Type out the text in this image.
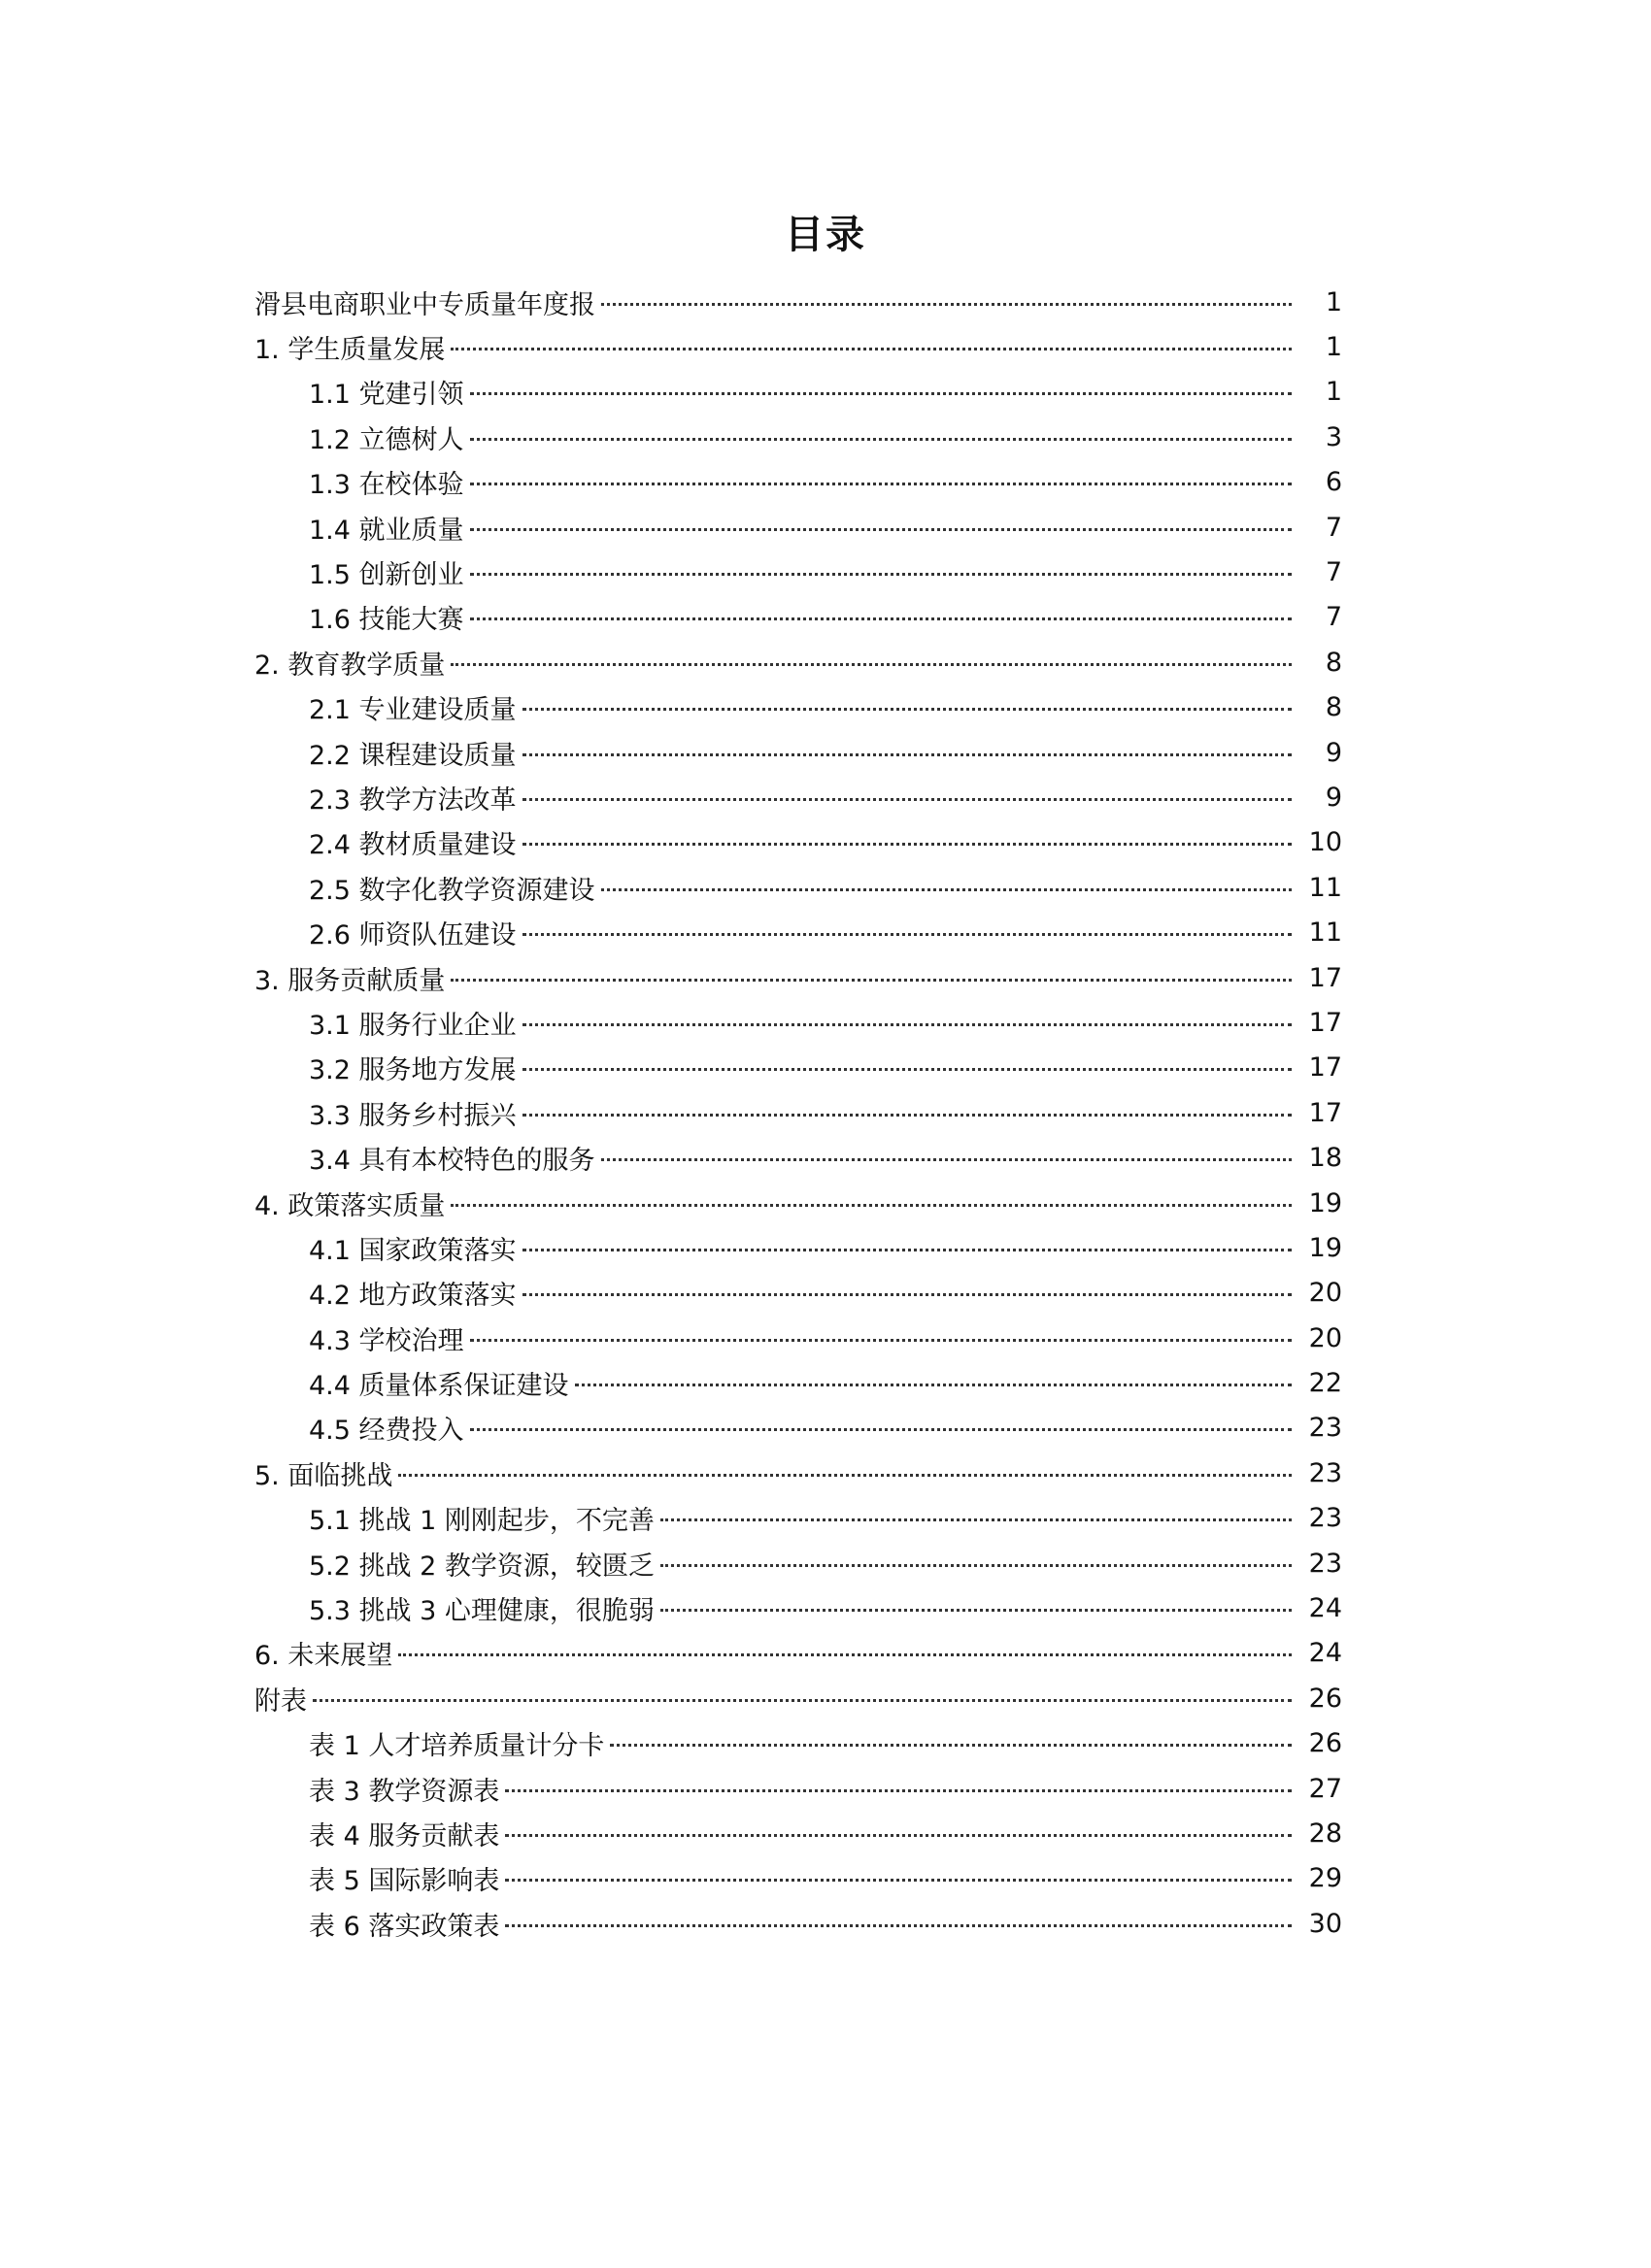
目录
滑县电商职业中专质量年度报	1
1. 学生质量发展	1
1.1 党建引领	1
1.2 立德树人	3
1.3 在校体验	6
1.4 就业质量	7
1.5 创新创业	7
1.6 技能大赛	7
2. 教育教学质量	8
2.1 专业建设质量	8
2.2 课程建设质量	9
2.3 教学方法改革	9
2.4 教材质量建设	10
2.5 数字化教学资源建设	11
2.6 师资队伍建设	11
3. 服务贡献质量	17
3.1 服务行业企业	17
3.2 服务地方发展	17
3.3 服务乡村振兴	17
3.4 具有本校特色的服务	18
4. 政策落实质量	19
4.1 国家政策落实	19
4.2 地方政策落实	20
4.3 学校治理	20
4.4 质量体系保证建设	22
4.5 经费投入	23
5. 面临挑战	23
5.1 挑战 1 刚刚起步，不完善	23
5.2 挑战 2 教学资源，较匮乏	23
5.3 挑战 3 心理健康，很脆弱	24
6. 未来展望	24
附表	26
表 1 人才培养质量计分卡	26
表 3 教学资源表	27
表 4 服务贡献表	28
表 5 国际影响表	29
表 6 落实政策表	30
